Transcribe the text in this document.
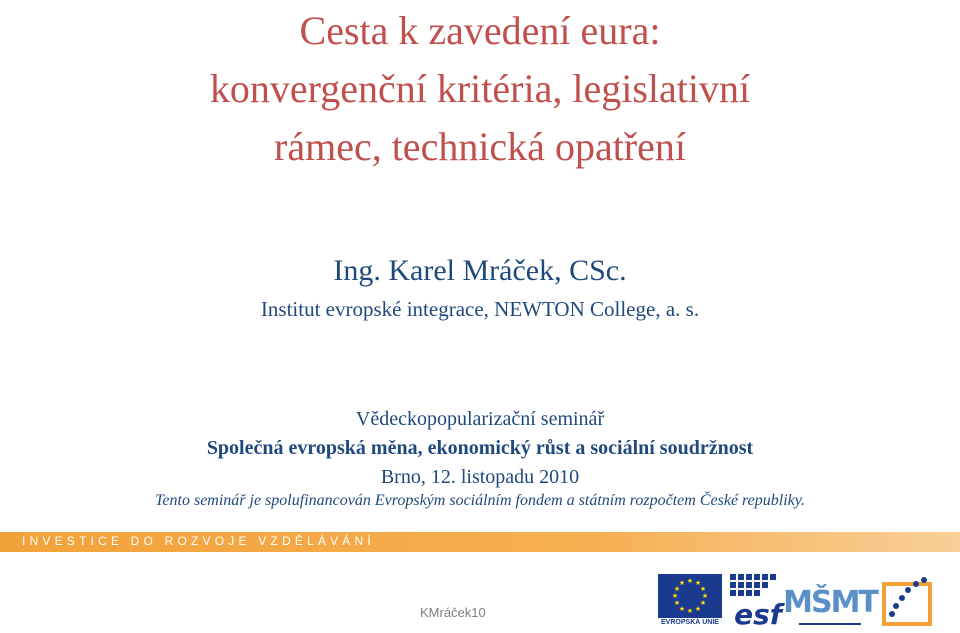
Cesta k zavedení eura:
konvergenční kritéria, legislativní
rámec, technická opatření
Ing. Karel Mráček, CSc.
Institut evropské integrace, NEWTON College, a. s.
Vědeckopopularizační seminář
Společná evropská měna, ekonomický růst a sociální soudržnost
Brno, 12. listopadu 2010
Tento seminář je spolufinancován Evropským sociálním fondem a státním rozpočtem České republiky.
INVESTICE DO ROZVOJE VZDĚLÁVÁNÍ
KMráček10
★ ★
★
★
★
★
★
★
★
★
★
★
EVROPSKÁ UNIE esf MŠMT
